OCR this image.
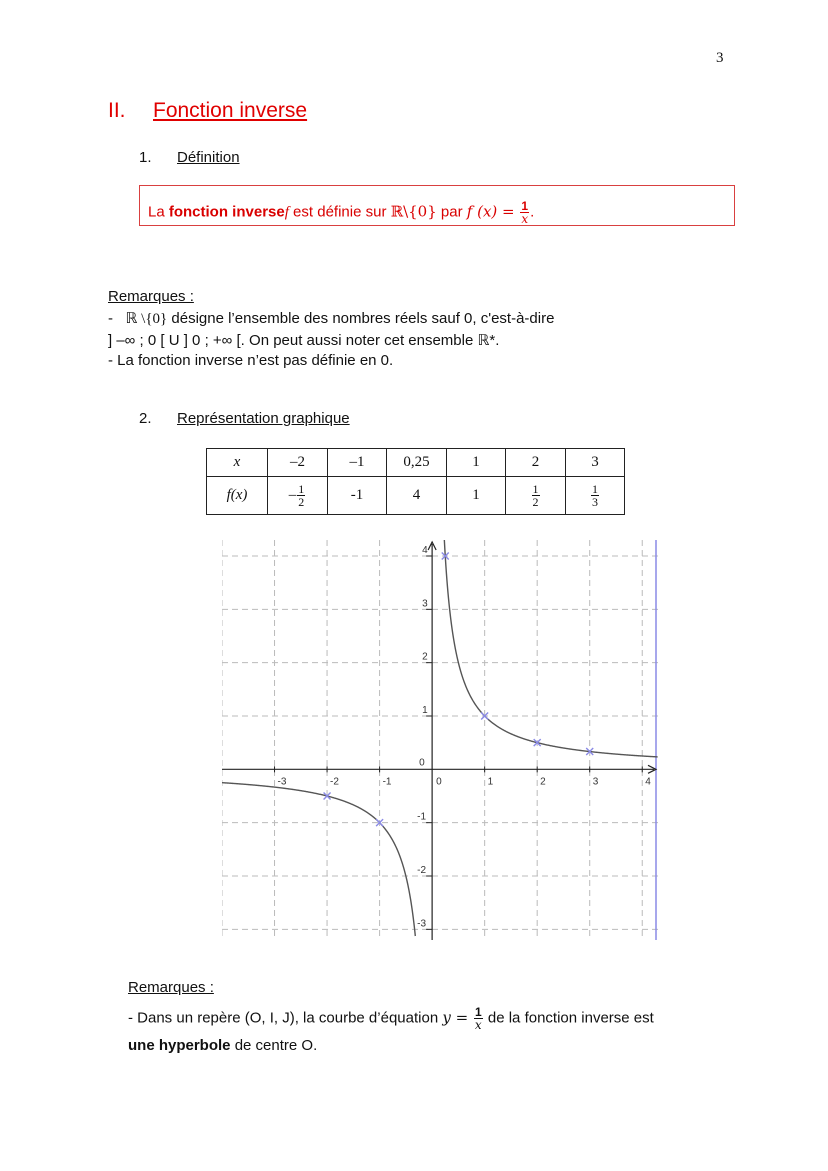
3
II. Fonction inverse
1. Définition
La fonction inversef est définie sur ℝ\{0} par f $(x) = \frac{1}{x}$ .
Remarques :
- ℝ \{0} désigne l’ensemble des nombres réels sauf 0, c'est-à-dire
] –∞ ; 0 [ U ] 0 ; +∞ [. On peut aussi noter cet ensemble ℝ*.
- La fonction inverse n’est pas définie en 0.
2. Représentation graphique
x	–2	–1	0,25	1	2	3
f(x)	– $\frac{1}{2}$	-1	4	1	$\frac{1}{2}$	$\frac{1}{3}$
-3	-2	-1	0	1	2	3	4
-3
-2
-1
0
1
2
3
4
Remarques :
- Dans un repère (O, I, J), la courbe d’équation $y = \frac{1}{x}$ de la fonction inverse est
une hyperbole de centre O.
